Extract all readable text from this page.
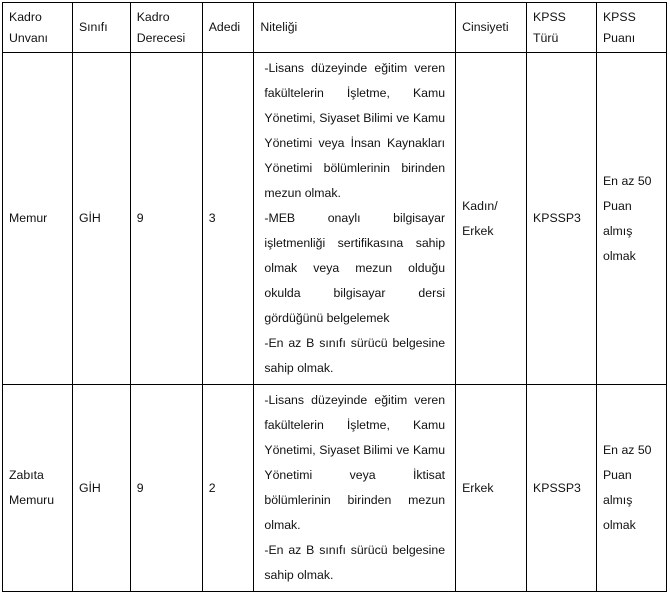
Kadro Unvanı	Sınıfı	Kadro Derecesi	Adedi	Niteliği	Cinsiyeti	KPSS Türü	KPSS Puanı
Memur	GİH	9	3	-Lisans düzeyinde eğitim veren fakültelerin İşletme, Kamu Yönetimi, Siyaset Bilimi ve Kamu Yönetimi veya İnsan Kaynakları Yönetimi bölümlerinin birinden mezun olmak.
-MEB onaylı bilgisayar işletmenliği sertifikasına sahip olmak veya mezun olduğu okulda bilgisayar dersi gördüğünü belgelemek
-En az B sınıfı sürücü belgesine sahip olmak.	Kadın/ Erkek	KPSSP3	En az 50 Puan almış olmak
Zabıta Memuru	GİH	9	2	-Lisans düzeyinde eğitim veren fakültelerin İşletme, Kamu Yönetimi, Siyaset Bilimi ve Kamu Yönetimi veya İktisat bölümlerinin birinden mezun olmak.
-En az B sınıfı sürücü belgesine sahip olmak.	Erkek	KPSSP3	En az 50 Puan almış olmak
